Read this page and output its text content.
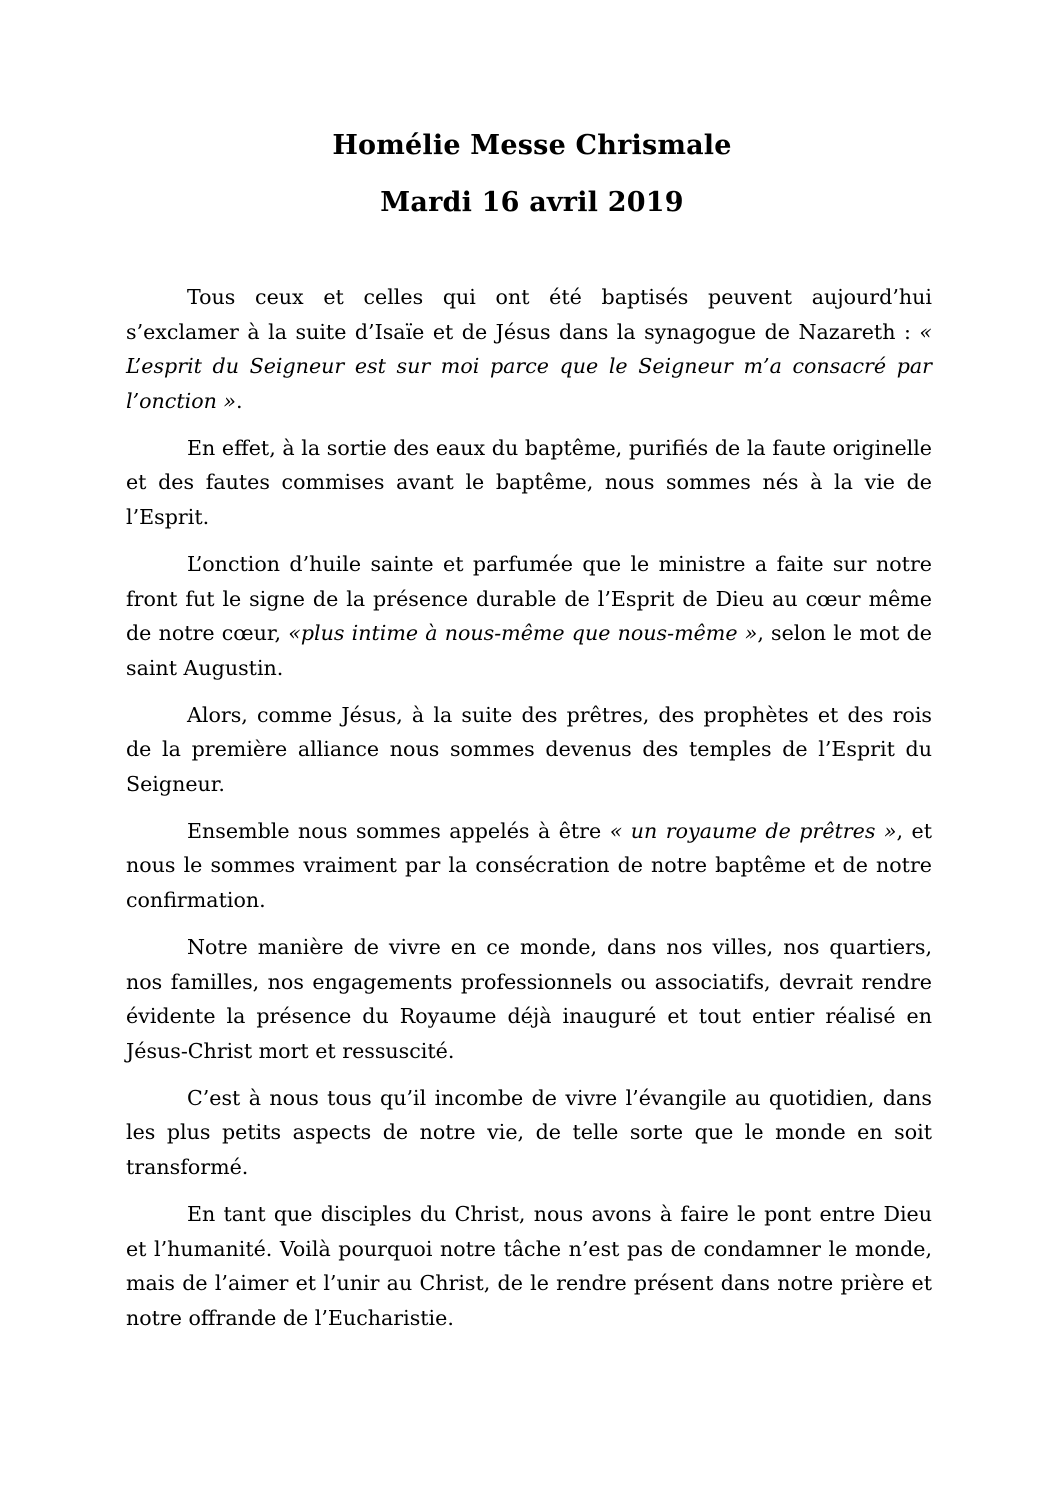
Homélie Messe Chrismale
Mardi 16 avril 2019

Tous ceux et celles qui ont été baptisés peuvent aujourd’hui s’exclamer à la suite d’Isaïe et de Jésus dans la synagogue de Nazareth : « L’esprit du Seigneur est sur moi parce que le Seigneur m’a consacré par l’onction ».

En effet, à la sortie des eaux du baptême, purifiés de la faute originelle et des fautes commises avant le baptême, nous sommes nés à la vie de l’Esprit.

L’onction d’huile sainte et parfumée que le ministre a faite sur notre front fut le signe de la présence durable de l’Esprit de Dieu au cœur même de notre cœur, «plus intime à nous-même que nous-même », selon le mot de saint Augustin.

Alors, comme Jésus, à la suite des prêtres, des prophètes et des rois de la première alliance nous sommes devenus des temples de l’Esprit du Seigneur.

Ensemble nous sommes appelés à être « un royaume de prêtres », et nous le sommes vraiment par la consécration de notre baptême et de notre confirmation.

Notre manière de vivre en ce monde, dans nos villes, nos quartiers, nos familles, nos engagements professionnels ou associatifs, devrait rendre évidente la présence du Royaume déjà inauguré et tout entier réalisé en Jésus-Christ mort et ressuscité.

C’est à nous tous qu’il incombe de vivre l’évangile au quotidien, dans les plus petits aspects de notre vie, de telle sorte que le monde en soit transformé.

En tant que disciples du Christ, nous avons à faire le pont entre Dieu et l’humanité. Voilà pourquoi notre tâche n’est pas de condamner le monde, mais de l’aimer et l’unir au Christ, de le rendre présent dans notre prière et notre offrande de l’Eucharistie.
